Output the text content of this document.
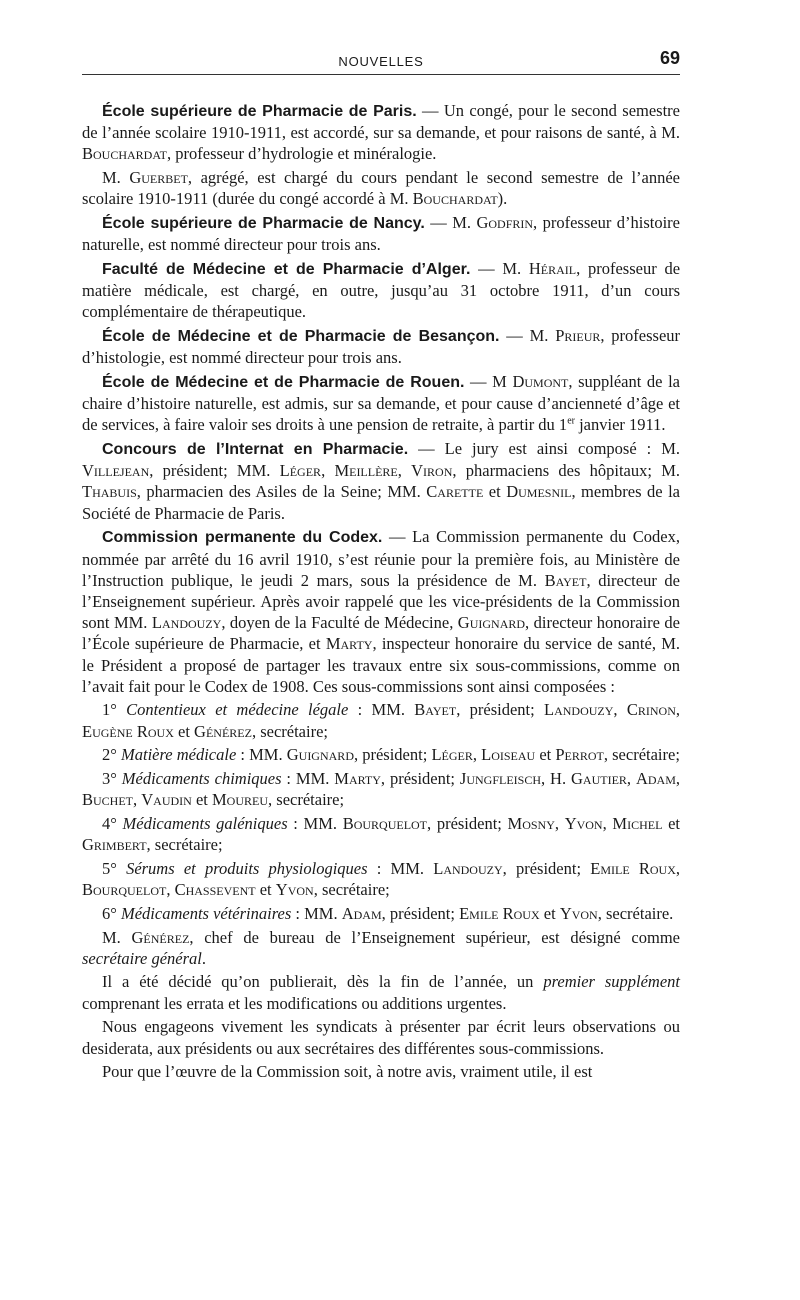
NOUVELLES	69

École supérieure de Pharmacie de Paris. — Un congé, pour le second semestre de l’année scolaire 1910-1911, est accordé, sur sa demande, et pour raisons de santé, à M. Bouchardat, professeur d’hydrologie et minéralogie.

M. Guerbet, agrégé, est chargé du cours pendant le second semestre de l’année scolaire 1910-1911 (durée du congé accordé à M. Bouchardat).

École supérieure de Pharmacie de Nancy. — M. Godfrin, professeur d’histoire naturelle, est nommé directeur pour trois ans.

Faculté de Médecine et de Pharmacie d’Alger. — M. Hérail, professeur de matière médicale, est chargé, en outre, jusqu’au 31 octobre 1911, d’un cours complémentaire de thérapeutique.

École de Médecine et de Pharmacie de Besançon. — M. Prieur, professeur d’histologie, est nommé directeur pour trois ans.

École de Médecine et de Pharmacie de Rouen. — M Dumont, suppléant de la chaire d’histoire naturelle, est admis, sur sa demande, et pour cause d’ancienneté d’âge et de services, à faire valoir ses droits à une pension de retraite, à partir du 1er janvier 1911.

Concours de l’Internat en Pharmacie. — Le jury est ainsi composé : M. Villejean, président; MM. Léger, Meillère, Viron, pharmaciens des hôpitaux; M. Thabuis, pharmacien des Asiles de la Seine; MM. Carette et Dumesnil, membres de la Société de Pharmacie de Paris.

Commission permanente du Codex. — La Commission permanente du Codex, nommée par arrêté du 16 avril 1910, s’est réunie pour la première fois, au Ministère de l’Instruction publique, le jeudi 2 mars, sous la présidence de M. Bayet, directeur de l’Enseignement supérieur. Après avoir rappelé que les vice-présidents de la Commission sont MM. Landouzy, doyen de la Faculté de Médecine, Guignard, directeur honoraire de l’École supérieure de Pharmacie, et Marty, inspecteur honoraire du service de santé, M. le Président a proposé de partager les travaux entre six sous-commissions, comme on l’avait fait pour le Codex de 1908. Ces sous-commissions sont ainsi composées :

1° Contentieux et médecine légale : MM. Bayet, président; Landouzy, Crinon, Eugène Roux et Générez, secrétaire;

2° Matière médicale : MM. Guignard, président; Léger, Loiseau et Perrot, secrétaire;

3° Médicaments chimiques : MM. Marty, président; Jungfleisch, H. Gautier, Adam, Buchet, Vaudin et Moureu, secrétaire;

4° Médicaments galéniques : MM. Bourquelot, président; Mosny, Yvon, Michel et Grimbert, secrétaire;

5° Sérums et produits physiologiques : MM. Landouzy, président; Emile Roux, Bourquelot, Chassevent et Yvon, secrétaire;

6° Médicaments vétérinaires : MM. Adam, président; Emile Roux et Yvon, secrétaire.

M. Générez, chef de bureau de l’Enseignement supérieur, est désigné comme secrétaire général.

Il a été décidé qu’on publierait, dès la fin de l’année, un premier supplément comprenant les errata et les modifications ou additions urgentes.

Nous engageons vivement les syndicats à présenter par écrit leurs observations ou desiderata, aux présidents ou aux secrétaires des différentes sous-commissions.

Pour que l’œuvre de la Commission soit, à notre avis, vraiment utile, il est
